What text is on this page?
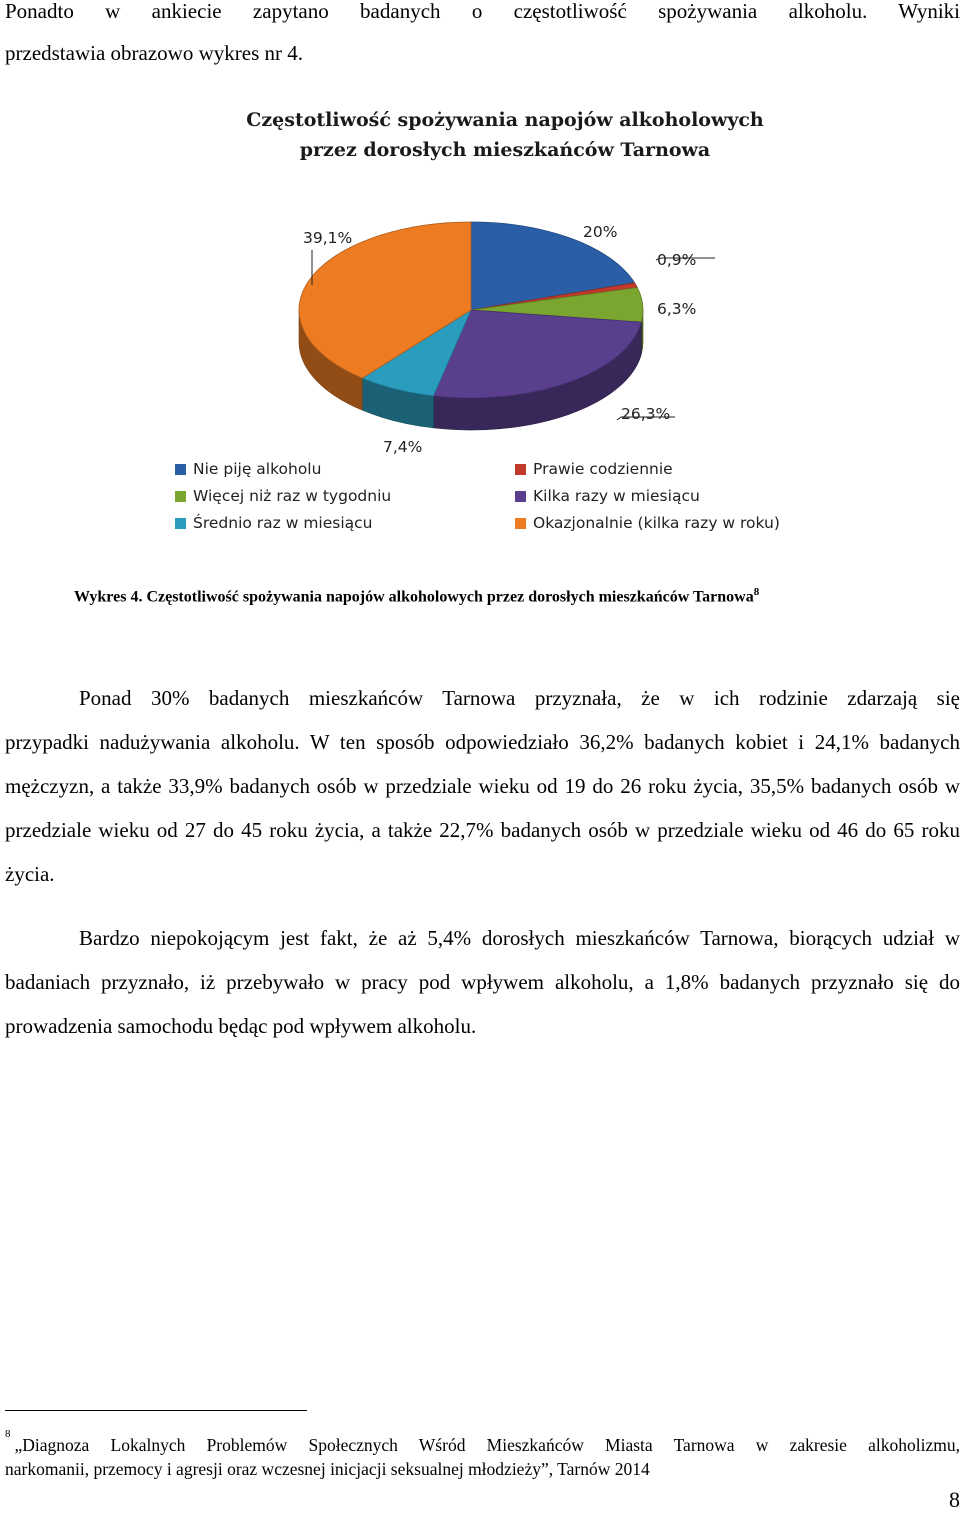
Ponadto w ankiecie zapytano badanych o częstotliwość spożywania alkoholu. Wyniki
przedstawia obrazowo wykres nr 4.

Częstotliwość spożywania napojów alkoholowych
przez dorosłych mieszkańców Tarnowa
20%
0,9%
6,3%
26,3%
7,4%
39,1%
Nie piję alkoholu	Prawie codziennie
Więcej niż raz w tygodniu	Kilka razy w miesiącu
Średnio raz w miesiącu	Okazjonalnie (kilka razy w roku)
Wykres 4. Częstotliwość spożywania napojów alkoholowych przez dorosłych mieszkańców Tarnowa$^8$

Ponad 30% badanych mieszkańców Tarnowa przyznała, że w ich rodzinie zdarzają się

przypadki nadużywania alkoholu. W ten sposób odpowiedziało 36,2% badanych kobiet i 24,1% badanych mężczyzn, a także 33,9% badanych osób w przedziale wieku od 19 do 26 roku życia, 35,5% badanych osób w przedziale wieku od 27 do 45 roku życia, a także 22,7% badanych osób w przedziale wieku od 46 do 65 roku życia.

Bardzo niepokojącym jest fakt, że aż 5,4% dorosłych mieszkańców Tarnowa, biorących udział w badaniach przyznało, iż przebywało w pracy pod wpływem alkoholu, a 1,8% badanych przyznało się do prowadzenia samochodu będąc pod wpływem alkoholu.

$^8$„Diagnoza Lokalnych Problemów Społecznych Wśród Mieszkańców Miasta Tarnowa w zakresie alkoholizmu,
narkomanii, przemocy i agresji oraz wczesnej inicjacji seksualnej młodzieży”, Tarnów 2014
8
